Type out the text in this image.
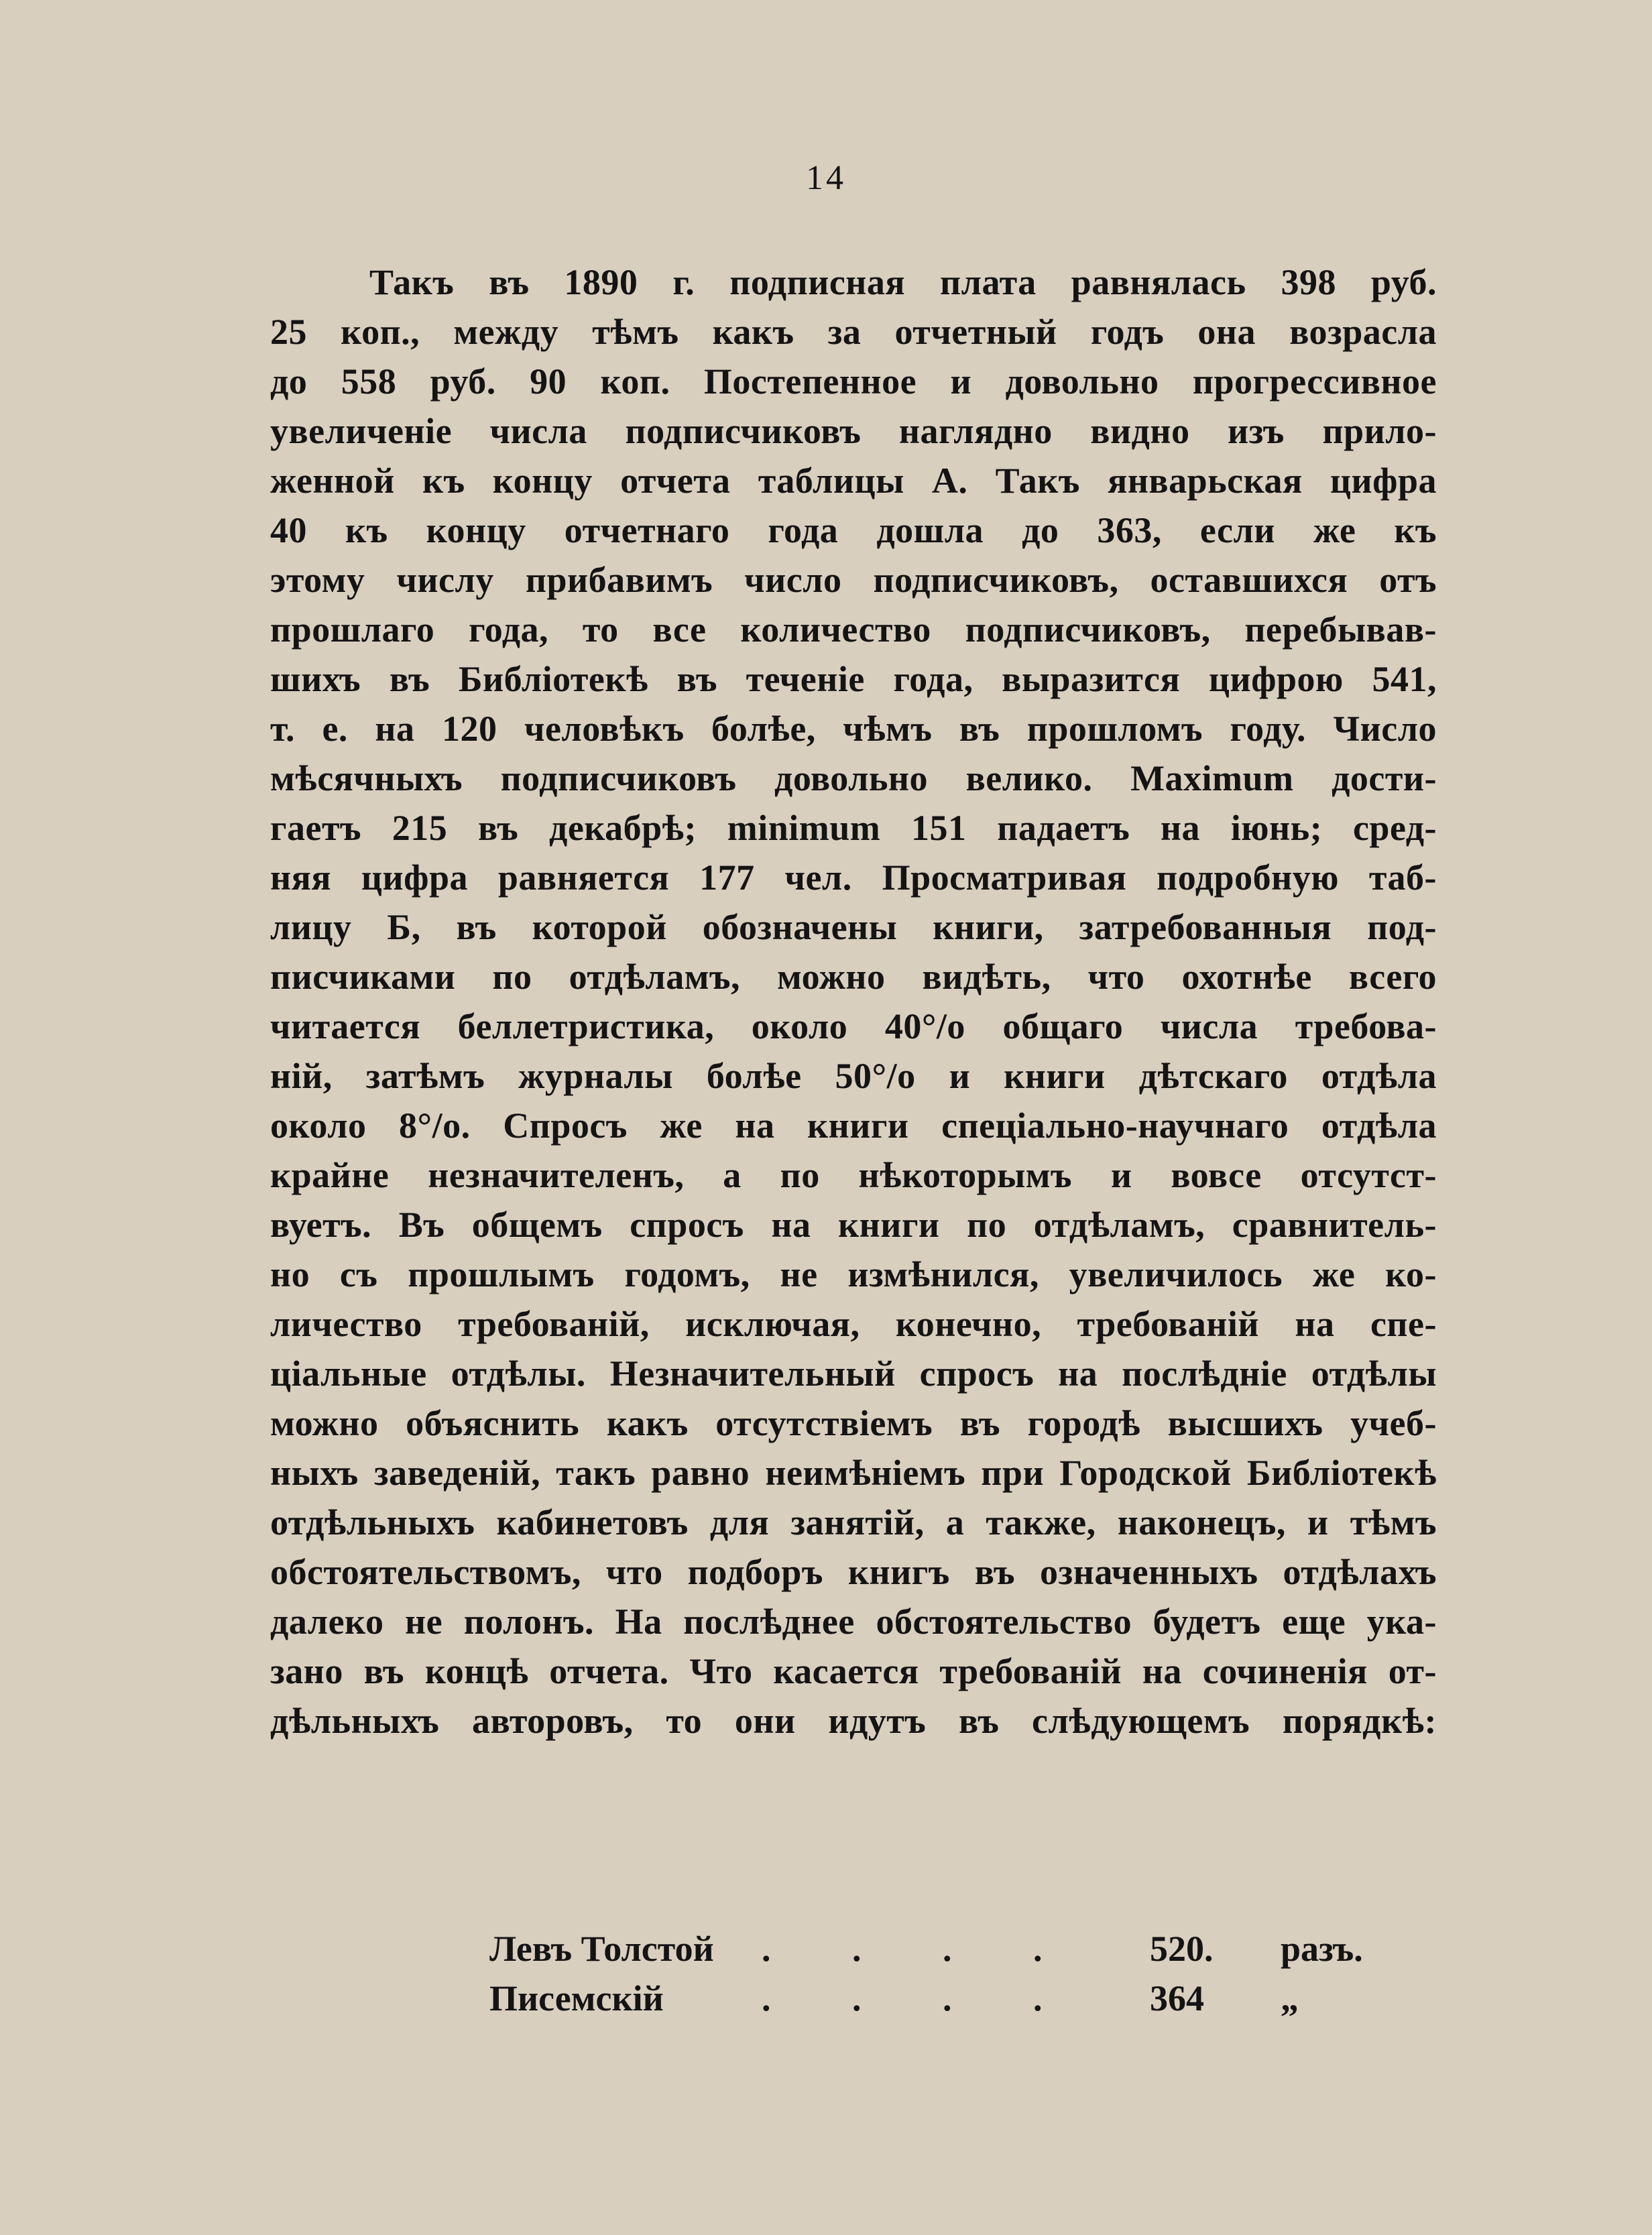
14
Такъ въ 1890 г. подписная плата равнялась 398 руб.
25 коп., между тѣмъ какъ за отчетный годъ она возрасла
до 558 руб. 90 коп. Постепенное и довольно прогрессивное
увеличеніе числа подписчиковъ наглядно видно изъ прило-
женной къ концу отчета таблицы А. Такъ январьская цифра
40 къ концу отчетнаго года дошла до 363, если же къ
этому числу прибавимъ число подписчиковъ, оставшихся отъ
прошлаго года, то все количество подписчиковъ, перебывав-
шихъ въ Библіотекѣ въ теченіе года, выразится цифрою 541,
т. е. на 120 человѣкъ болѣе, чѣмъ въ прошломъ году. Число
мѣсячныхъ подписчиковъ довольно велико. Maximum дости-
гаетъ 215 въ декабрѣ; minimum 151 падаетъ на іюнь; сред-
няя цифра равняется 177 чел. Просматривая подробную таб-
лицу Б, въ которой обозначены книги, затребованныя под-
писчиками по отдѣламъ, можно видѣть, что охотнѣе всего
читается беллетристика, около 40°/о общаго числа требова-
ній, затѣмъ журналы болѣе 50°/о и книги дѣтскаго отдѣла
около 8°/о. Спросъ же на книги спеціально-научнаго отдѣла
крайне незначителенъ, а по нѣкоторымъ и вовсе отсутст-
вуетъ. Въ общемъ спросъ на книги по отдѣламъ, сравнитель-
но съ прошлымъ годомъ, не измѣнился, увеличилось же ко-
личество требованій, исключая, конечно, требованій на спе-
ціальные отдѣлы. Незначительный спросъ на послѣдніе отдѣлы
можно объяснить какъ отсутствіемъ въ городѣ высшихъ учеб-
ныхъ заведеній, такъ равно неимѣніемъ при Городской Библіотекѣ
отдѣльныхъ кабинетовъ для занятій, а также, наконецъ, и тѣмъ
обстоятельствомъ, что подборъ книгъ въ означенныхъ отдѣлахъ
далеко не полонъ. На послѣднее обстоятельство будетъ еще ука-
зано въ концѣ отчета. Что касается требованій на сочиненія от-
дѣльныхъ авторовъ, то они идутъ въ слѣдующемъ порядкѣ:
Левъ Толстой . . . .	520. разъ.
Писемскій	. . . .	364 „
